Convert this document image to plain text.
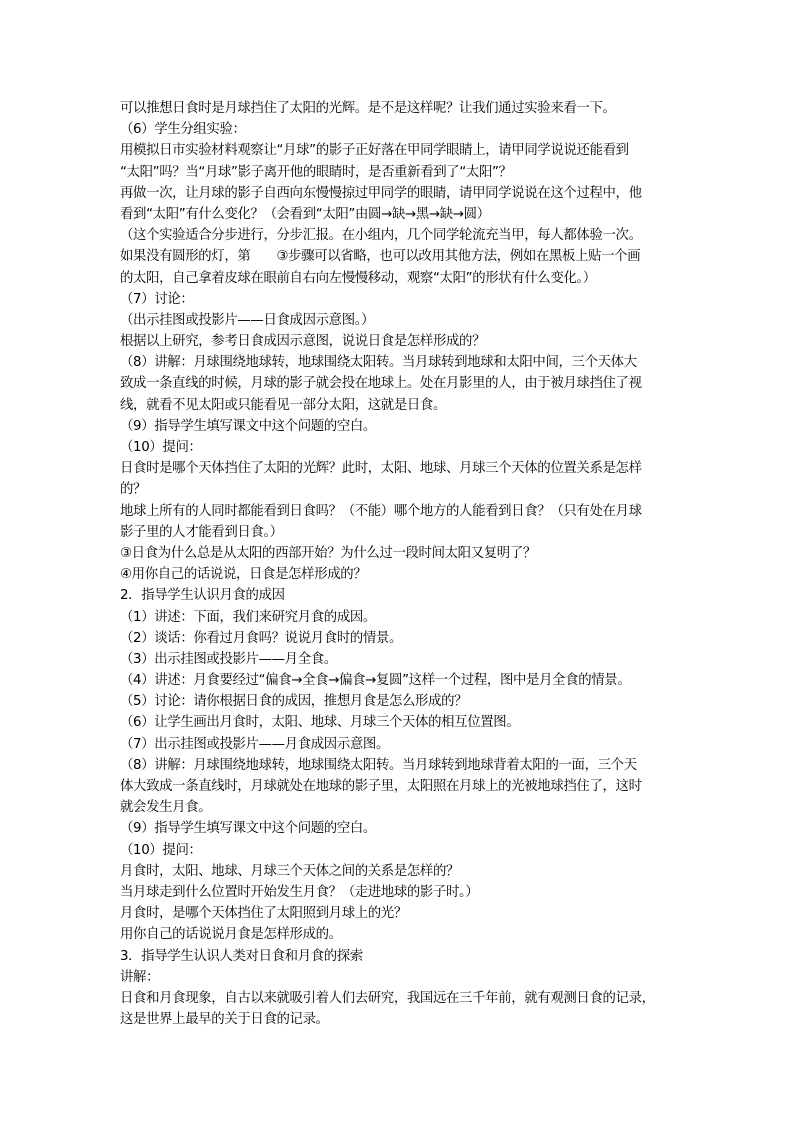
可以推想日食时是月球挡住了太阳的光辉。是不是这样呢？让我们通过实验来看一下。
（6）学生分组实验：
用模拟日市实验材料观察让“月球”的影子正好落在甲同学眼睛上，请甲同学说说还能看到
“太阳”吗？当“月球”影子离开他的眼睛时，是否重新看到了“太阳”？
再做一次，让月球的影子自西向东慢慢掠过甲同学的眼睛，请甲同学说说在这个过程中，他
看到“太阳”有什么变化？（会看到“太阳”由圆→缺→黑→缺→圆）
（这个实验适合分步进行，分步汇报。在小组内，几个同学轮流充当甲，每人都体验一次。
如果没有圆形的灯，第　　③步骤可以省略，也可以改用其他方法，例如在黑板上贴一个画
的太阳，自己拿着皮球在眼前自右向左慢慢移动，观察“太阳”的形状有什么变化。）
（7）讨论：
（出示挂图或投影片——日食成因示意图。）
根据以上研究，参考日食成因示意图，说说日食是怎样形成的？
（8）讲解：月球围绕地球转，地球围绕太阳转。当月球转到地球和太阳中间，三个天体大
致成一条直线的时候，月球的影子就会投在地球上。处在月影里的人，由于被月球挡住了视
线，就看不见太阳或只能看见一部分太阳，这就是日食。
（9）指导学生填写课文中这个问题的空白。
（10）提问：
日食时是哪个天体挡住了太阳的光辉？此时，太阳、地球、月球三个天体的位置关系是怎样
的？
地球上所有的人同时都能看到日食吗？（不能）哪个地方的人能看到日食？（只有处在月球
影子里的人才能看到日食。）
③日食为什么总是从太阳的西部开始？为什么过一段时间太阳又复明了？
④用你自己的话说说，日食是怎样形成的？
2．指导学生认识月食的成因
（1）讲述：下面，我们来研究月食的成因。
（2）谈话：你看过月食吗？说说月食时的情景。
（3）出示挂图或投影片——月全食。
（4）讲述：月食要经过“偏食→全食→偏食→复圆”这样一个过程，图中是月全食的情景。
（5）讨论：请你根据日食的成因，推想月食是怎么形成的？
（6）让学生画出月食时，太阳、地球、月球三个天体的相互位置图。
（7）出示挂图或投影片——月食成因示意图。
（8）讲解：月球围绕地球转，地球围绕太阳转。当月球转到地球背着太阳的一面，三个天
体大致成一条直线时，月球就处在地球的影子里，太阳照在月球上的光被地球挡住了，这时
就会发生月食。
（9）指导学生填写课文中这个问题的空白。
（10）提问：
月食时，太阳、地球、月球三个天体之间的关系是怎样的？
当月球走到什么位置时开始发生月食？（走进地球的影子时。）
月食时，是哪个天体挡住了太阳照到月球上的光？
用你自己的话说说月食是怎样形成的。
3．指导学生认识人类对日食和月食的探索
讲解：
日食和月食现象，自古以来就吸引着人们去研究，我国远在三千年前，就有观测日食的记录，
这是世界上最早的关于日食的记录。
